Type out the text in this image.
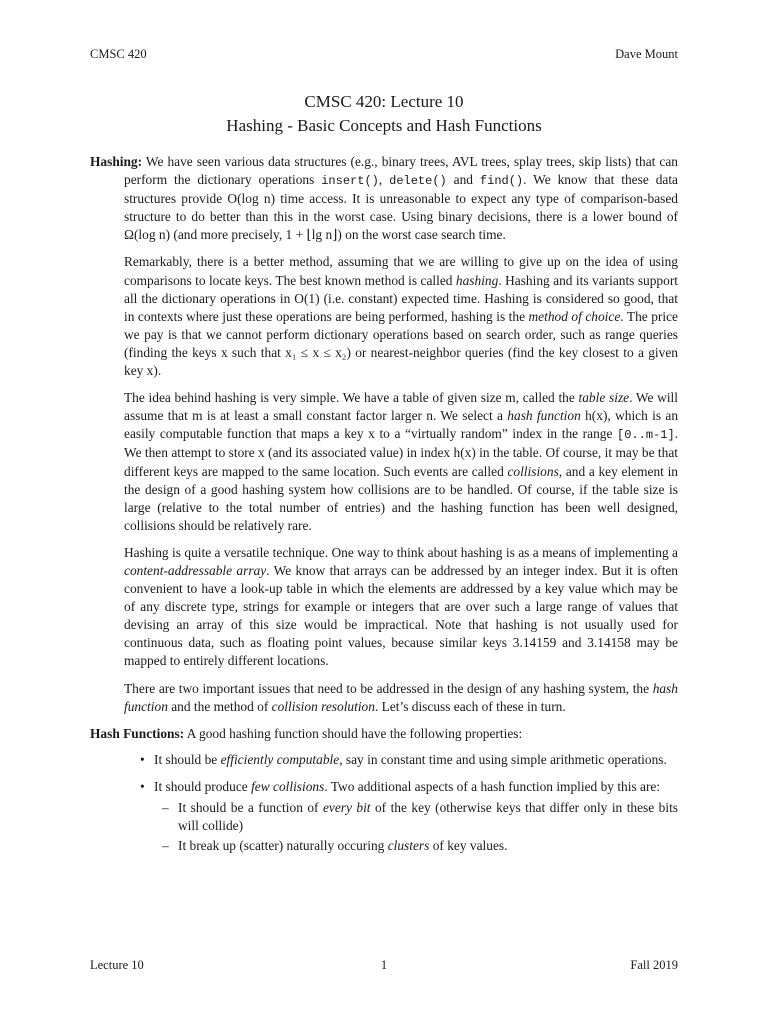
CMSC 420	Dave Mount
CMSC 420: Lecture 10
Hashing - Basic Concepts and Hash Functions
Hashing: We have seen various data structures (e.g., binary trees, AVL trees, splay trees, skip lists) that can perform the dictionary operations insert(), delete() and find(). We know that these data structures provide O(log n) time access. It is unreasonable to expect any type of comparison-based structure to do better than this in the worst case. Using binary decisions, there is a lower bound of Ω(log n) (and more precisely, 1 + ⌊lg n⌋) on the worst case search time.
Remarkably, there is a better method, assuming that we are willing to give up on the idea of using comparisons to locate keys. The best known method is called hashing. Hashing and its variants support all the dictionary operations in O(1) (i.e. constant) expected time. Hashing is considered so good, that in contexts where just these operations are being performed, hashing is the method of choice. The price we pay is that we cannot perform dictionary operations based on search order, such as range queries (finding the keys x such that x₁ ≤ x ≤ x₂) or nearest-neighbor queries (find the key closest to a given key x).
The idea behind hashing is very simple. We have a table of given size m, called the table size. We will assume that m is at least a small constant factor larger n. We select a hash function h(x), which is an easily computable function that maps a key x to a “virtually random” index in the range [0..m-1]. We then attempt to store x (and its associated value) in index h(x) in the table. Of course, it may be that different keys are mapped to the same location. Such events are called collisions, and a key element in the design of a good hashing system how collisions are to be handled. Of course, if the table size is large (relative to the total number of entries) and the hashing function has been well designed, collisions should be relatively rare.
Hashing is quite a versatile technique. One way to think about hashing is as a means of implementing a content-addressable array. We know that arrays can be addressed by an integer index. But it is often convenient to have a look-up table in which the elements are addressed by a key value which may be of any discrete type, strings for example or integers that are over such a large range of values that devising an array of this size would be impractical. Note that hashing is not usually used for continuous data, such as floating point values, because similar keys 3.14159 and 3.14158 may be mapped to entirely different locations.
There are two important issues that need to be addressed in the design of any hashing system, the hash function and the method of collision resolution. Let’s discuss each of these in turn.
Hash Functions: A good hashing function should have the following properties:
• It should be efficiently computable, say in constant time and using simple arithmetic operations.
• It should produce few collisions. Two additional aspects of a hash function implied by this are:
– It should be a function of every bit of the key (otherwise keys that differ only in these bits will collide)
– It break up (scatter) naturally occuring clusters of key values.
Lecture 10	1	Fall 2019
